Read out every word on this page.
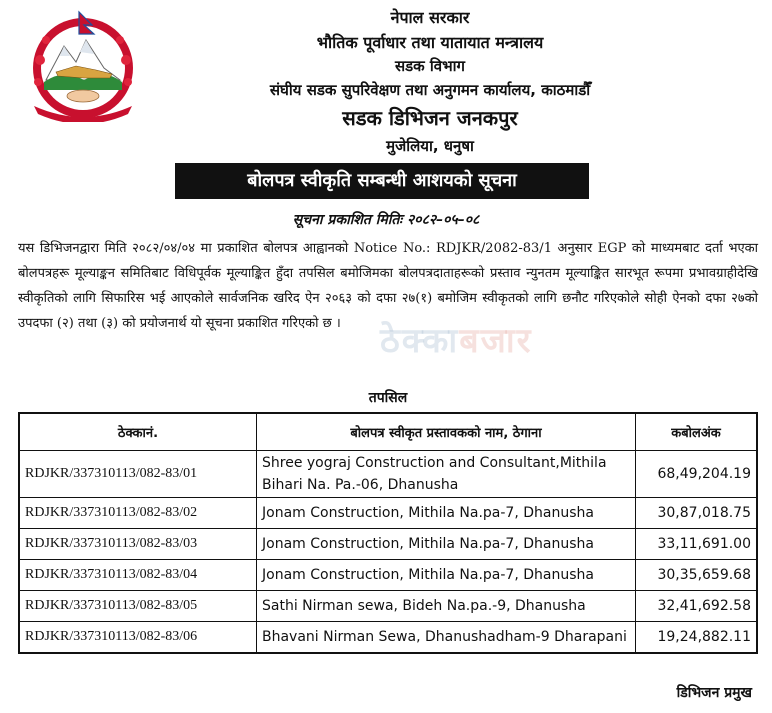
नेपाल सरकार
भौतिक पूर्वाधार तथा यातायात मन्त्रालय
सडक विभाग
संघीय सडक सुपरिवेक्षण तथा अनुगमन कार्यालय, काठमाडौँ
सडक डिभिजन जनकपुर
मुजेलिया, धनुषा
बोलपत्र स्वीकृति सम्बन्धी आशयको सूचना
सूचना प्रकाशित मितिः २०८२–०५–०८
यस डिभिजनद्वारा मिति २०८२/०४/०४ मा प्रकाशित बोलपत्र आह्वानको Notice No.: RDJKR/2082-83/1 अनुसार EGP को माध्यमबाट दर्ता भएका बोलपत्रहरू मूल्याङ्कन समितिबाट विधिपूर्वक मूल्याङ्कित हुँदा तपसिल बमोजिमका बोलपत्रदाताहरूको प्रस्ताव न्युनतम मूल्याङ्कित सारभूत रूपमा प्रभावग्राहीदेखि स्वीकृतिको लागि सिफारिस भई आएकोले सार्वजनिक खरिद ऐन २०६३ को दफा २७(१) बमोजिम स्वीकृतको लागि छनौट गरिएकोले सोही ऐनको दफा २७को उपदफा (२) तथा (३) को प्रयोजनार्थ यो सूचना प्रकाशित गरिएको छ ।	ठेक्काबजार
तपसिल
ठेक्कानं.	बोलपत्र स्वीकृत प्रस्तावकको नाम, ठेगाना	कबोलअंक
RDJKR/337310113/082-83/01	Shree yograj Construction and Consultant,Mithila Bihari Na. Pa.-06, Dhanusha	68,49,204.19
RDJKR/337310113/082-83/02	Jonam Construction, Mithila Na.pa-7, Dhanusha	30,87,018.75
RDJKR/337310113/082-83/03	Jonam Construction, Mithila Na.pa-7, Dhanusha	33,11,691.00
RDJKR/337310113/082-83/04	Jonam Construction, Mithila Na.pa-7, Dhanusha	30,35,659.68
RDJKR/337310113/082-83/05	Sathi Nirman sewa, Bideh Na.pa.-9, Dhanusha	32,41,692.58
RDJKR/337310113/082-83/06	Bhavani Nirman Sewa, Dhanushadham-9 Dharapani	19,24,882.11
डिभिजन प्रमुख
